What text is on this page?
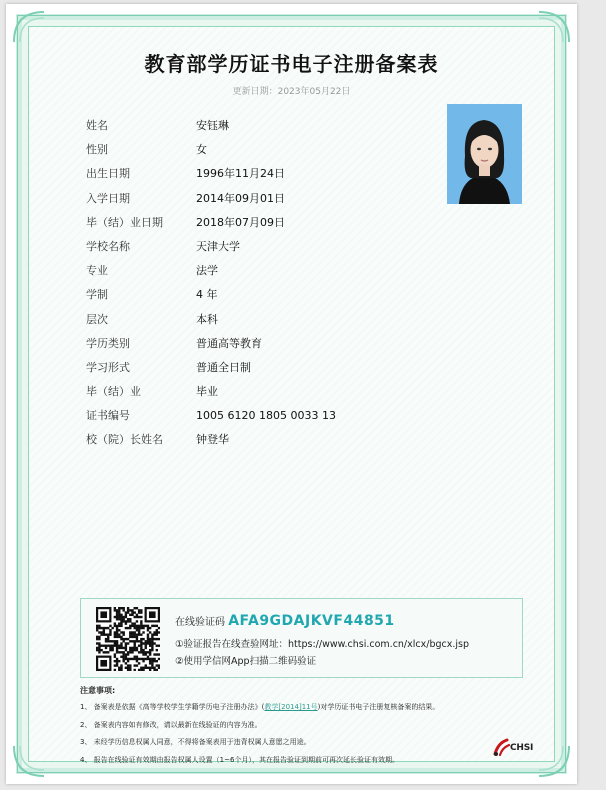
教育部学历证书电子注册备案表
更新日期：2023年05月22日
姓名	安钰琳
性别	女
出生日期	1996年11月24日
入学日期	2014年09月01日
毕（结）业日期	2018年07月09日
学校名称	天津大学
专业	法学
学制	4 年
层次	本科
学历类别	普通高等教育
学习形式	普通全日制
毕（结）业	毕业
证书编号	1005 6120 1805 0033 13
校（院）长姓名	钟登华
在线验证码 AFA9GDAJKVF44851
①验证报告在线查验网址：https://www.chsi.com.cn/xlcx/bgcx.jsp
②使用学信网App扫描二维码验证
注意事项:
1、 备案表是依据《高等学校学生学籍学历电子注册办法》(教学[2014]11号)对学历证书电子注册复核备案的结果。
2、 备案表内容如有修改，请以最新在线验证的内容为准。
3、 未经学历信息权属人同意，不得将备案表用于违背权属人意愿之用途。
4、 报告在线验证有效期由报告权属人设置（1~6个月），其在报告验证到期前可再次延长验证有效期。
CHSI
